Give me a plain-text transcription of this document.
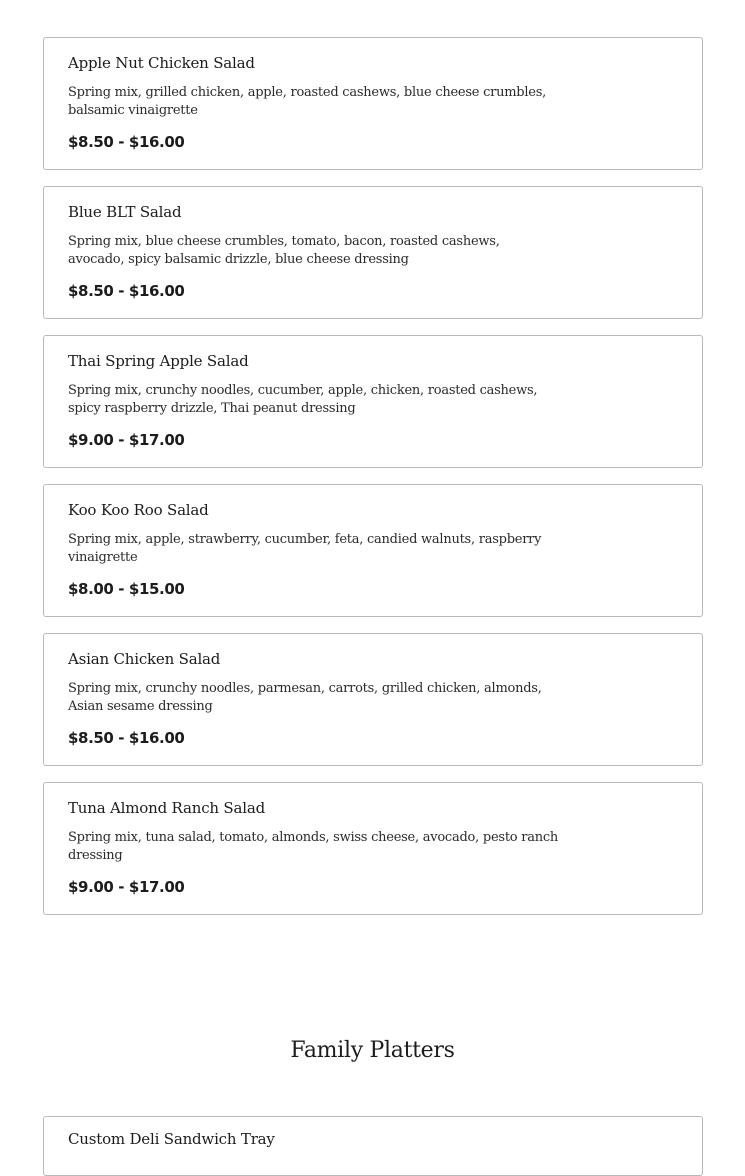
Apple Nut Chicken Salad

Spring mix, grilled chicken, apple, roasted cashews, blue cheese crumbles, balsamic vinaigrette

$8.50 - $16.00

Blue BLT Salad

Spring mix, blue cheese crumbles, tomato, bacon, roasted cashews, avocado, spicy balsamic drizzle, blue cheese dressing

$8.50 - $16.00

Thai Spring Apple Salad

Spring mix, crunchy noodles, cucumber, apple, chicken, roasted cashews, spicy raspberry drizzle, Thai peanut dressing

$9.00 - $17.00

Koo Koo Roo Salad

Spring mix, apple, strawberry, cucumber, feta, candied walnuts, raspberry vinaigrette

$8.00 - $15.00

Asian Chicken Salad

Spring mix, crunchy noodles, parmesan, carrots, grilled chicken, almonds, Asian sesame dressing

$8.50 - $16.00

Tuna Almond Ranch Salad

Spring mix, tuna salad, tomato, almonds, swiss cheese, avocado, pesto ranch dressing

$9.00 - $17.00

Family Platters
Custom Deli Sandwich Tray
